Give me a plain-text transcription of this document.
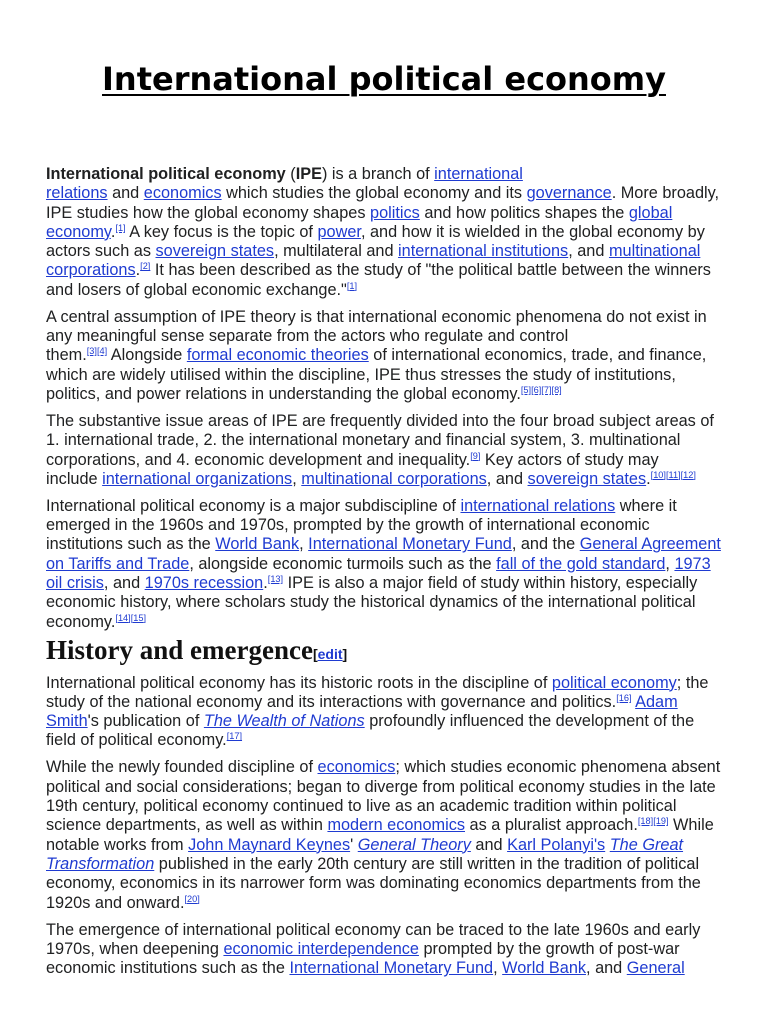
International political economy
International political economy (IPE) is a branch of international
relations and economics which studies the global economy and its governance. More broadly,
IPE studies how the global economy shapes politics and how politics shapes the global
economy.[1] A key focus is the topic of power, and how it is wielded in the global economy by
actors such as sovereign states, multilateral and international institutions, and multinational
corporations.[2] It has been described as the study of "the political battle between the winners
and losers of global economic exchange."[1]
A central assumption of IPE theory is that international economic phenomena do not exist in
any meaningful sense separate from the actors who regulate and control
them.[3][4] Alongside formal economic theories of international economics, trade, and finance,
which are widely utilised within the discipline, IPE thus stresses the study of institutions,
politics, and power relations in understanding the global economy.[5][6][7][8]
The substantive issue areas of IPE are frequently divided into the four broad subject areas of
1. international trade, 2. the international monetary and financial system, 3. multinational
corporations, and 4. economic development and inequality.[9] Key actors of study may
include international organizations, multinational corporations, and sovereign states.[10][11][12]
International political economy is a major subdiscipline of international relations where it
emerged in the 1960s and 1970s, prompted by the growth of international economic
institutions such as the World Bank, International Monetary Fund, and the General Agreement
on Tariffs and Trade, alongside economic turmoils such as the fall of the gold standard, 1973
oil crisis, and 1970s recession.[13] IPE is also a major field of study within history, especially
economic history, where scholars study the historical dynamics of the international political
economy.[14][15]
History and emergence[edit]
International political economy has its historic roots in the discipline of political economy; the
study of the national economy and its interactions with governance and politics.[16] Adam
Smith's publication of The Wealth of Nations profoundly influenced the development of the
field of political economy.[17]
While the newly founded discipline of economics; which studies economic phenomena absent
political and social considerations; began to diverge from political economy studies in the late
19th century, political economy continued to live as an academic tradition within political
science departments, as well as within modern economics as a pluralist approach.[18][19] While
notable works from John Maynard Keynes' General Theory and Karl Polanyi's The Great
Transformation published in the early 20th century are still written in the tradition of political
economy, economics in its narrower form was dominating economics departments from the
1920s and onward.[20]
The emergence of international political economy can be traced to the late 1960s and early
1970s, when deepening economic interdependence prompted by the growth of post-war
economic institutions such as the International Monetary Fund, World Bank, and General
